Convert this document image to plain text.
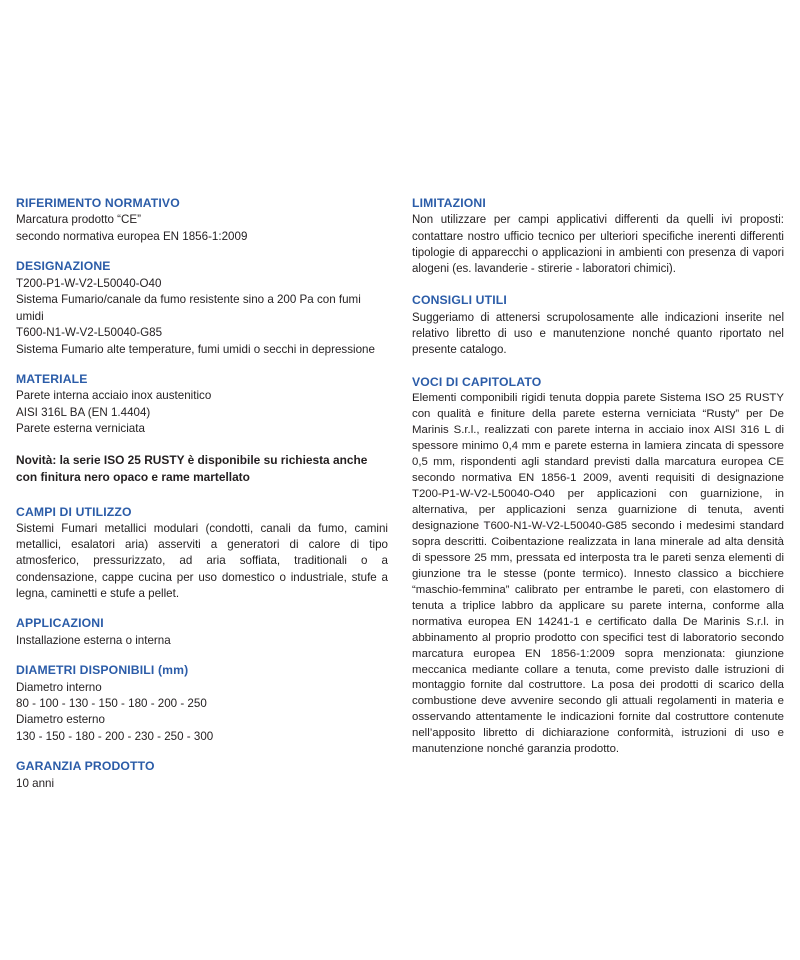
RIFERIMENTO NORMATIVO

Marcatura prodotto “CE”

secondo normativa europea EN 1856-1:2009

DESIGNAZIONE

T200-P1-W-V2-L50040-O40

Sistema Fumario/canale da fumo resistente sino a 200 Pa con fumi umidi

T600-N1-W-V2-L50040-G85

Sistema Fumario alte temperature, fumi umidi o secchi in depressione

MATERIALE

Parete interna acciaio inox austenitico

AISI 316L BA (EN 1.4404)

Parete esterna verniciata

Novità: la serie ISO 25 RUSTY è disponibile su richiesta anche con finitura nero opaco e rame martellato

CAMPI DI UTILIZZO

Sistemi Fumari metallici modulari (condotti, canali da fumo, camini metallici, esalatori aria) asserviti a generatori di calore di tipo atmosferico, pressurizzato, ad aria soffiata, traditionali o a condensazione, cappe cucina per uso domestico o industriale, stufe a legna, caminetti e stufe a pellet.

APPLICAZIONI

Installazione esterna o interna

DIAMETRI DISPONIBILI (mm)

Diametro interno

80 - 100 - 130 - 150 - 180 - 200 - 250

Diametro esterno

130 - 150 - 180 - 200 - 230 - 250 - 300

GARANZIA PRODOTTO

10 anni

LIMITAZIONI

Non utilizzare per campi applicativi differenti da quelli ivi proposti: contattare nostro ufficio tecnico per ulteriori specifiche inerenti differenti tipologie di apparecchi o applicazioni in ambienti con presenza di vapori alogeni (es. lavanderie - stirerie - laboratori chimici).

CONSIGLI UTILI

Suggeriamo di attenersi scrupolosamente alle indicazioni inserite nel relativo libretto di uso e manutenzione nonché quanto riportato nel presente catalogo.

VOCI DI CAPITOLATO

Elementi componibili rigidi tenuta doppia parete Sistema ISO 25 RUSTY con qualità e finiture della parete esterna verniciata “Rusty” per De Marinis S.r.l., realizzati con parete interna in acciaio inox AISI 316 L di spessore minimo 0,4 mm e parete esterna in lamiera zincata di spessore 0,5 mm, rispondenti agli standard previsti dalla marcatura europea CE secondo normativa EN 1856-1 2009, aventi requisiti di designazione T200-P1-W-V2-L50040-O40 per applicazioni con guarnizione, in alternativa, per applicazioni senza guarnizione di tenuta, aventi designazione T600-N1-W-V2-L50040-G85 secondo i medesimi standard sopra descritti. Coibentazione realizzata in lana minerale ad alta densità di spessore 25 mm, pressata ed interposta tra le pareti senza elementi di giunzione tra le stesse (ponte termico). Innesto classico a bicchiere “maschio-femmina” calibrato per entrambe le pareti, con elastomero di tenuta a triplice labbro da applicare su parete interna, conforme alla normativa europea EN 14241-1 e certificato dalla De Marinis S.r.l. in abbinamento al proprio prodotto con specifici test di laboratorio secondo marcatura europea EN 1856-1:2009 sopra menzionata: giunzione meccanica mediante collare a tenuta, come previsto dalle istruzioni di montaggio fornite dal costruttore. La posa dei prodotti di scarico della combustione deve avvenire secondo gli attuali regolamenti in materia e osservando attentamente le indicazioni fornite dal costruttore contenute nell’apposito libretto di dichiarazione conformità, istruzioni di uso e manutenzione nonché garanzia prodotto.
